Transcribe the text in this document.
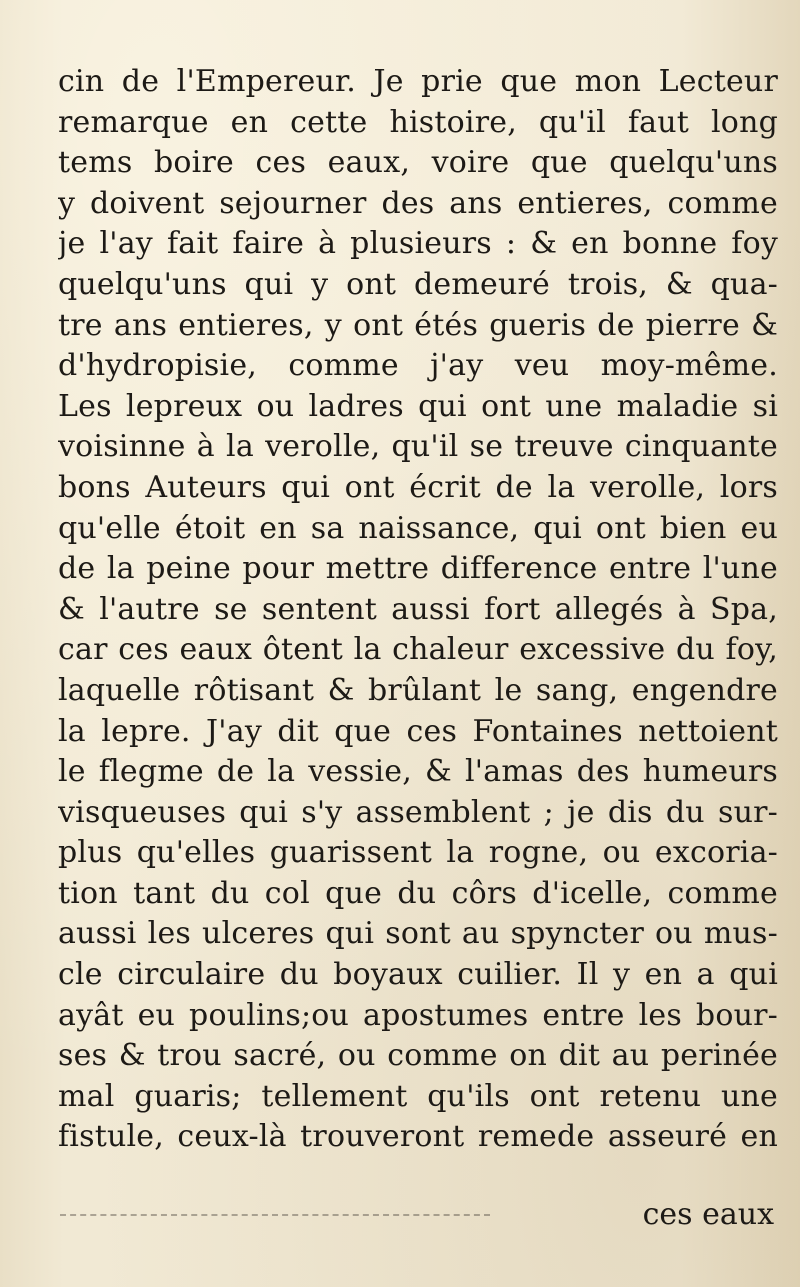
cin de l'Empereur. Je prie que mon Lecteur
remarque en cette histoire, qu'il faut long
tems boire ces eaux, voire que quelqu'uns
y doivent sejourner des ans entieres, comme
je l'ay fait faire à plusieurs : & en bonne foy
quelqu'uns qui y ont demeuré trois, & qua-
tre ans entieres, y ont étés gueris de pierre &
d'hydropisie, comme j'ay veu moy-même.
Les lepreux ou ladres qui ont une maladie si
voisinne à la verolle, qu'il se treuve cinquante
bons Auteurs qui ont écrit de la verolle, lors
qu'elle étoit en sa naissance, qui ont bien eu
de la peine pour mettre difference entre l'une
& l'autre se sentent aussi fort allegés à Spa,
car ces eaux ôtent la chaleur excessive du foy,
laquelle rôtisant & brûlant le sang, engendre
la lepre. J'ay dit que ces Fontaines nettoient
le flegme de la vessie, & l'amas des humeurs
visqueuses qui s'y assemblent ; je dis du sur-
plus qu'elles guarissent la rogne, ou excoria-
tion tant du col que du côrs d'icelle, comme
aussi les ulceres qui sont au spyncter ou mus-
cle circulaire du boyaux cuilier. Il y en a qui
ayât eu poulins;ou apostumes entre les bour-
ses & trou sacré, ou comme on dit au perinée
mal guaris; tellement qu'ils ont retenu une
fistule, ceux-là trouveront remede asseuré en
ces eaux
